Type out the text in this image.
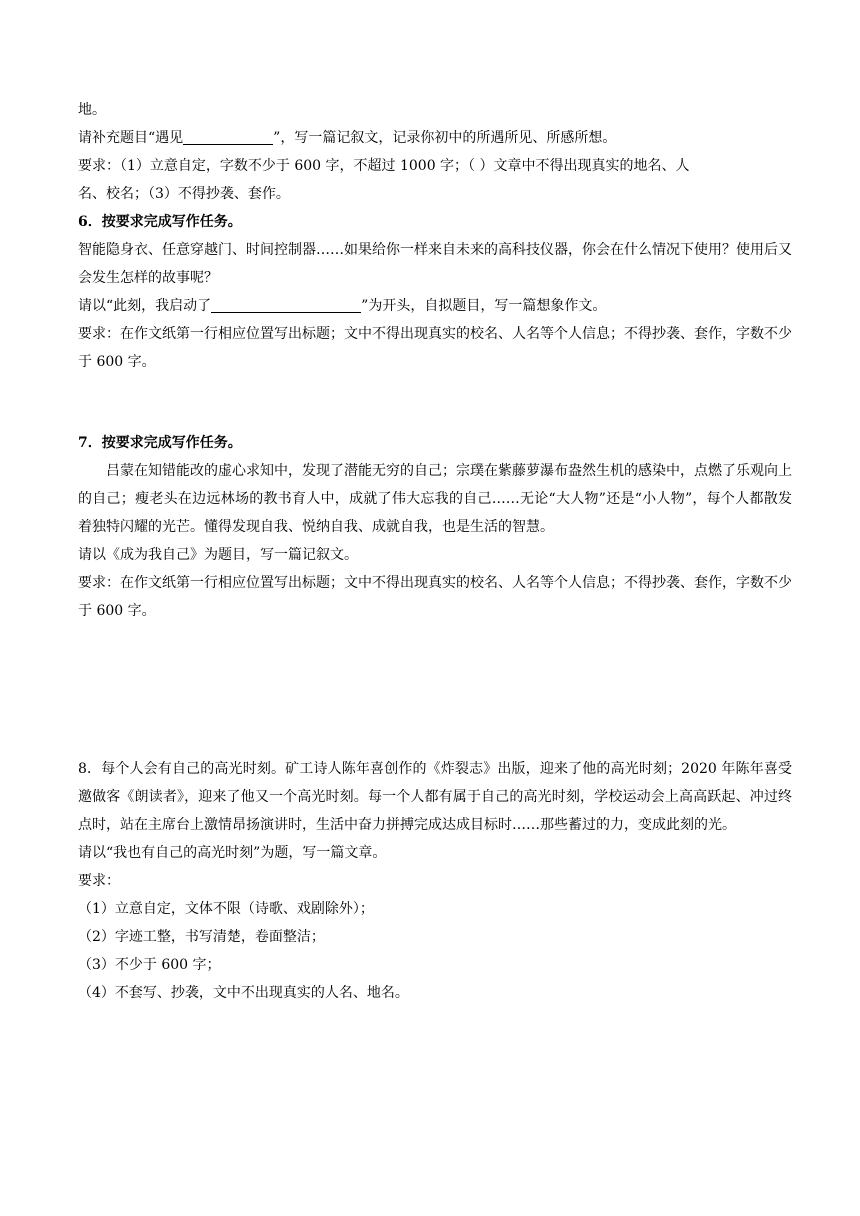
地。
请补充题目“遇见	”，写一篇记叙文，记录你初中的所遇所见、所感所想。
要求：（1）立意自定，字数不少于 600 字，不超过 1000 字；（ ）文章中不得出现真实的地名、人
名、校名；（3）不得抄袭、套作。
6．按要求完成写作任务。
智能隐身衣、任意穿越门、时间控制器……如果给你一样来自未来的高科技仪器，你会在什么情况下使用？使用后又会发生怎样的故事呢？
请以“此刻，我启动了	”为开头，自拟题目，写一篇想象作文。
要求：在作文纸第一行相应位置写出标题；文中不得出现真实的校名、人名等个人信息；不得抄袭、套作，字数不少于 600 字。
7．按要求完成写作任务。
吕蒙在知错能改的虚心求知中，发现了潜能无穷的自己；宗璞在紫藤萝瀑布盎然生机的感染中，点燃了乐观向上的自己；瘦老头在边远林场的教书育人中，成就了伟大忘我的自己……无论“大人物”还是“小人物”，每个人都散发着独特闪耀的光芒。懂得发现自我、悦纳自我、成就自我，也是生活的智慧。
请以《成为我自己》为题目，写一篇记叙文。
要求：在作文纸第一行相应位置写出标题；文中不得出现真实的校名、人名等个人信息；不得抄袭、套作，字数不少于 600 字。
8．每个人会有自己的高光时刻。矿工诗人陈年喜创作的《炸裂志》出版，迎来了他的高光时刻；2020 年陈年喜受邀做客《朗读者》，迎来了他又一个高光时刻。每一个人都有属于自己的高光时刻，学校运动会上高高跃起、冲过终点时，站在主席台上激情昂扬演讲时，生活中奋力拼搏完成达成目标时……那些蓄过的力，变成此刻的光。
请以“我也有自己的高光时刻”为题，写一篇文章。
要求：
（1）立意自定，文体不限（诗歌、戏剧除外）；
（2）字迹工整，书写清楚，卷面整洁；
（3）不少于 600 字；
（4）不套写、抄袭，文中不出现真实的人名、地名。
